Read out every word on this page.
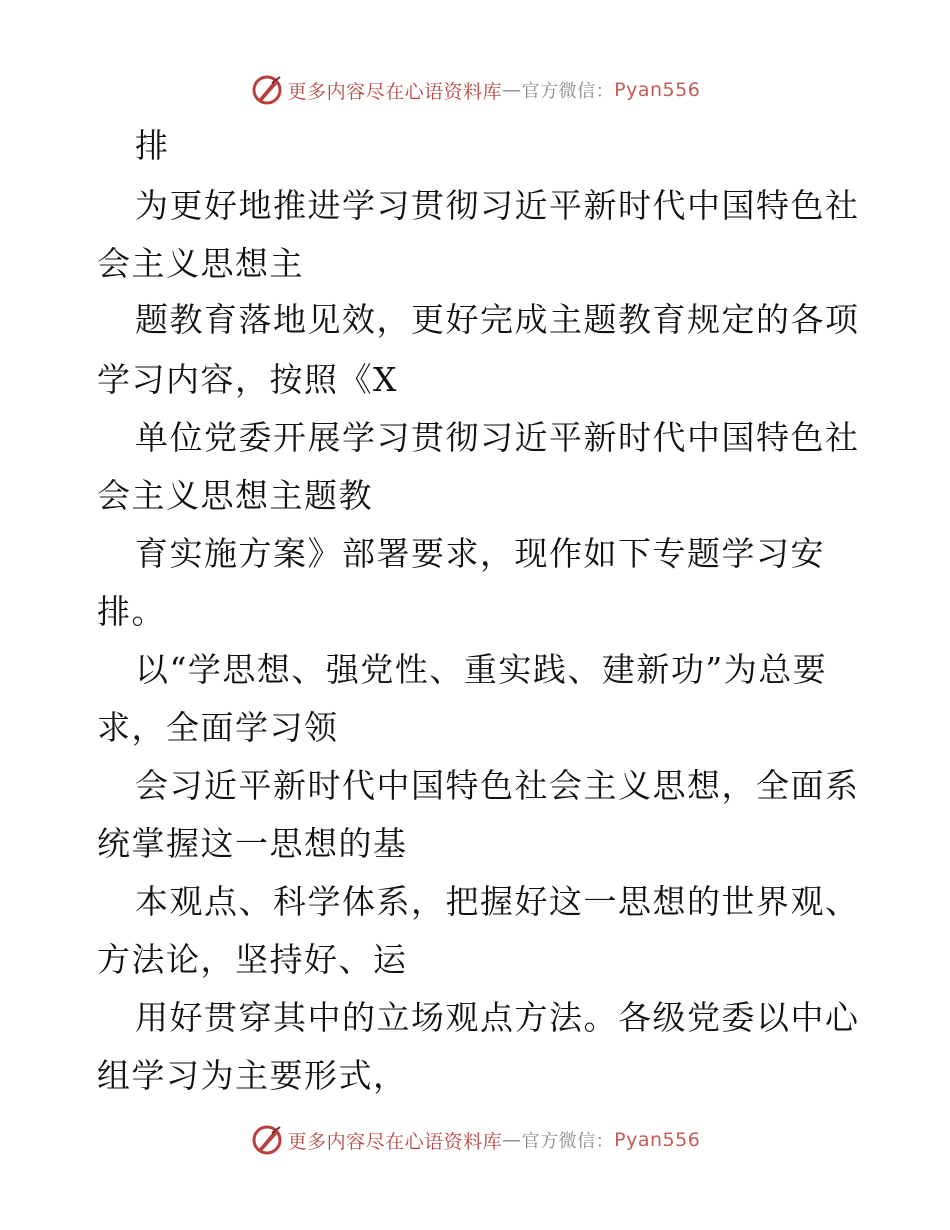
更多内容尽在心语资料库 — 官方微信： Pyan556
排
为更好地推进学习贯彻习近平新时代中国特色社
会主义思想主
题教育落地见效，更好完成主题教育规定的各项
学习内容，按照《X
单位党委开展学习贯彻习近平新时代中国特色社
会主义思想主题教
育实施方案》部署要求，现作如下专题学习安
排。
以“学思想、强党性、重实践、建新功”为总要
求，全面学习领
会习近平新时代中国特色社会主义思想，全面系
统掌握这一思想的基
本观点、科学体系，把握好这一思想的世界观、
方法论，坚持好、运
用好贯穿其中的立场观点方法。各级党委以中心
组学习为主要形式，
更多内容尽在心语资料库 — 官方微信： Pyan556
